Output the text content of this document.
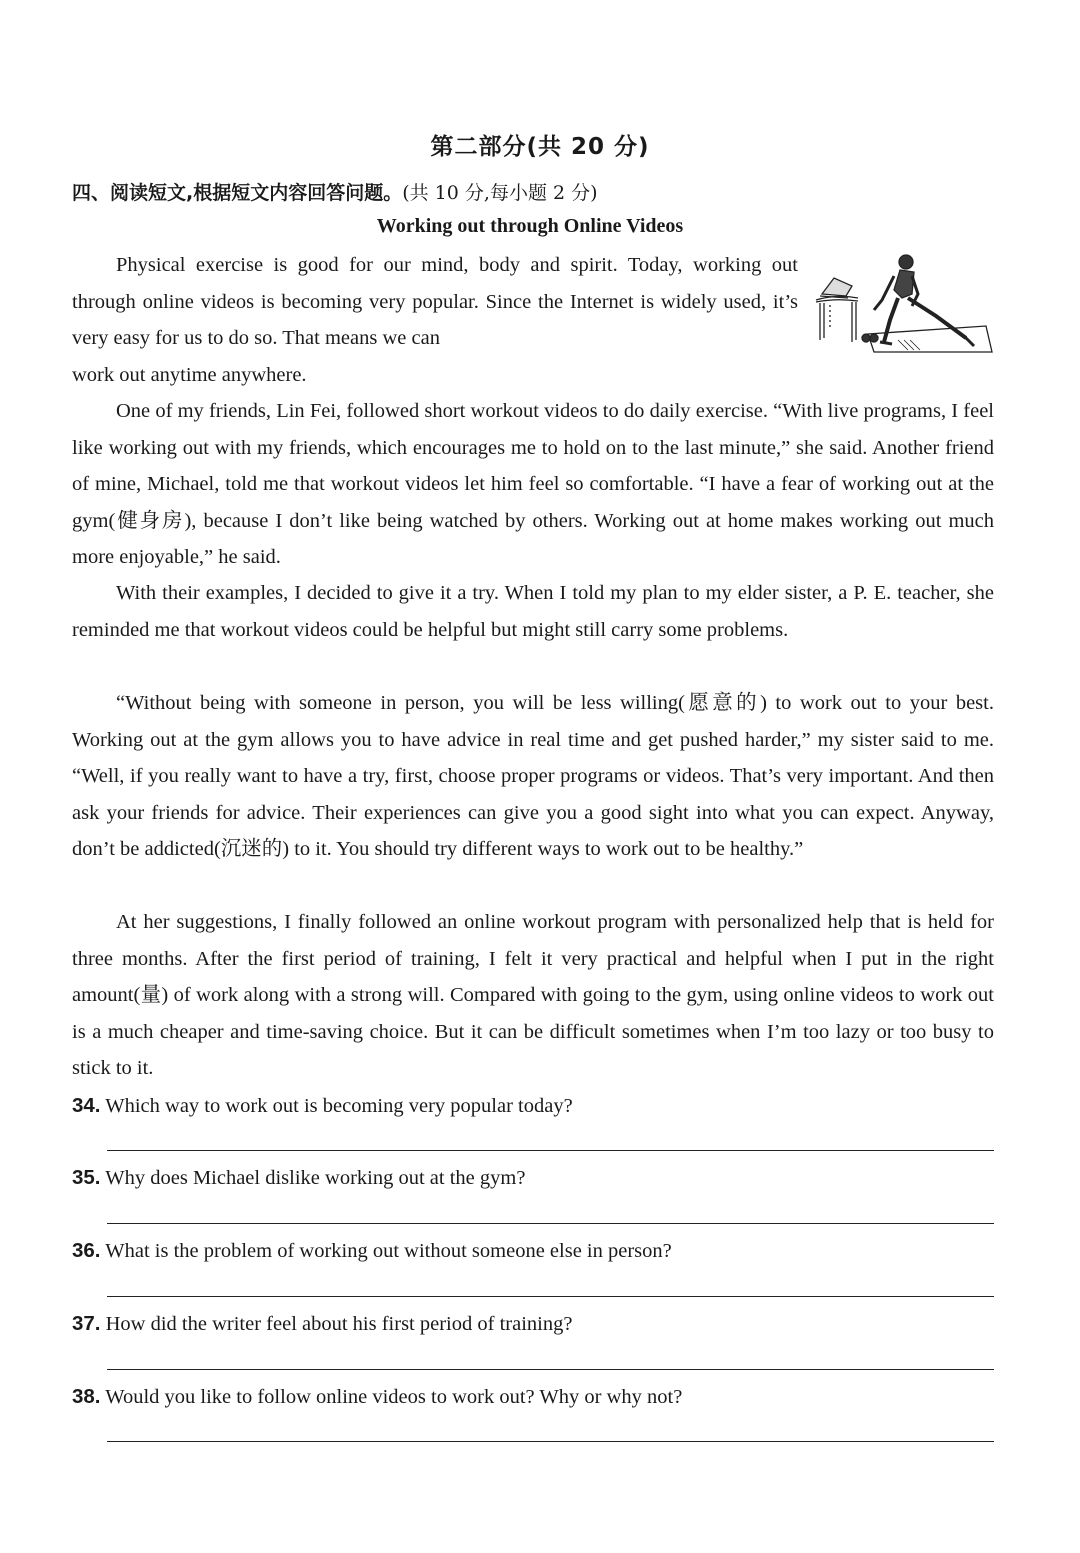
第二部分(共 20 分)
四、阅读短文,根据短文内容回答问题。(共 10 分,每小题 2 分)
Working out through Online Videos

Physical exercise is good for our mind, body and spirit. Today, working out through online videos is becoming very popular. Since the Internet is widely used, it’s very easy for us to do so. That means we can
work out anytime anywhere.

One of my friends, Lin Fei, followed short workout videos to do daily exercise. “With live programs, I feel like working out with my friends, which encourages me to hold on to the last minute,” she said. Another friend of mine, Michael, told me that workout videos let him feel so comfortable. “I have a fear of working out at the gym(健身房), because I don’t like being watched by others. Working out at home makes working out much more enjoyable,” he said.

With their examples, I decided to give it a try. When I told my plan to my elder sister, a P. E. teacher, she reminded me that workout videos could be helpful but might still carry some problems.

“Without being with someone in person, you will be less willing(愿意的) to work out to your best. Working out at the gym allows you to have advice in real time and get pushed harder,” my sister said to me. “Well, if you really want to have a try, first, choose proper programs or videos. That’s very important. And then ask your friends for advice. Their experiences can give you a good sight into what you can expect. Anyway, don’t be addicted(沉迷的) to it. You should try different ways to work out to be healthy.”

At her suggestions, I finally followed an online workout program with personalized help that is held for three months. After the first period of training, I felt it very practical and helpful when I put in the right amount(量) of work along with a strong will. Compared with going to the gym, using online videos to work out is a much cheaper and time-saving choice. But it can be difficult sometimes when I’m too lazy or too busy to stick to it.

34. Which way to work out is becoming very popular today?
35. Why does Michael dislike working out at the gym?
36. What is the problem of working out without someone else in person?
37. How did the writer feel about his first period of training?
38. Would you like to follow online videos to work out? Why or why not?
